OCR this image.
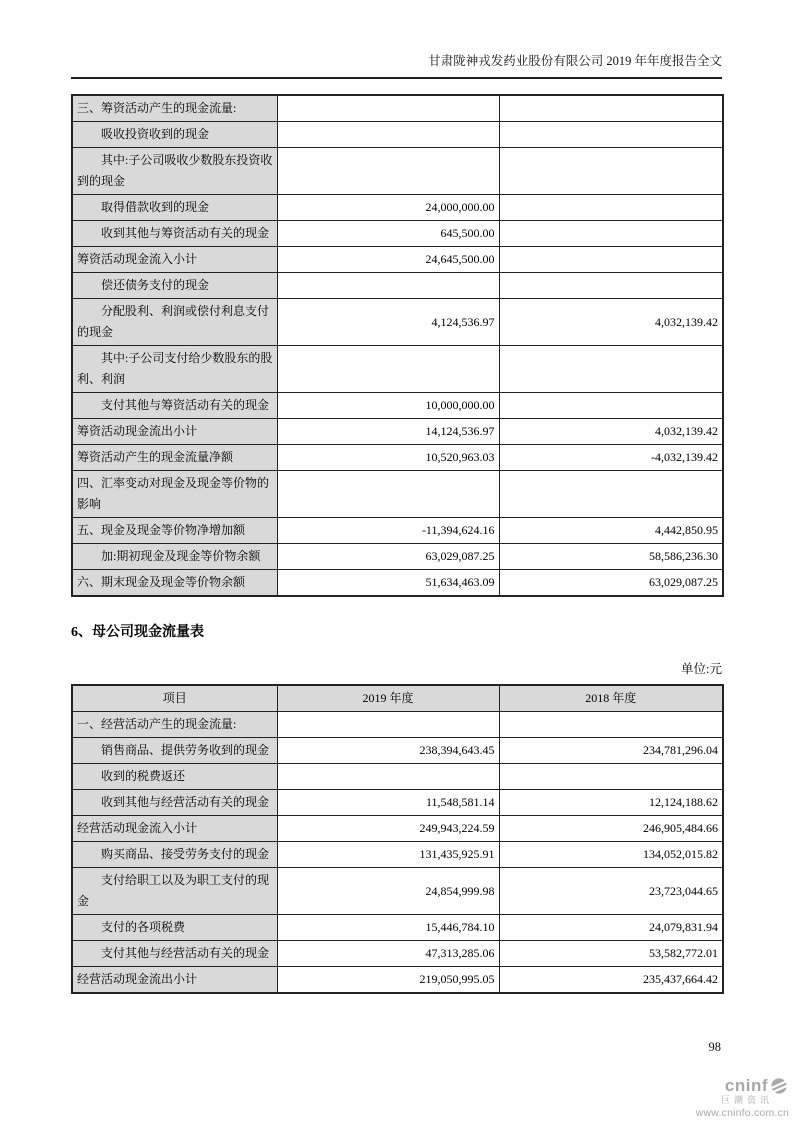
甘肃陇神戎发药业股份有限公司 2019 年年度报告全文
三、筹资活动产生的现金流量:		
吸收投资收到的现金		
其中:子公司吸收少数股东投资收到的现金		
取得借款收到的现金	24,000,000.00	
收到其他与筹资活动有关的现金	645,500.00	
筹资活动现金流入小计	24,645,500.00	
偿还债务支付的现金		
分配股利、利润或偿付利息支付的现金	4,124,536.97	4,032,139.42
其中:子公司支付给少数股东的股利、利润		
支付其他与筹资活动有关的现金	10,000,000.00	
筹资活动现金流出小计	14,124,536.97	4,032,139.42
筹资活动产生的现金流量净额	10,520,963.03	-4,032,139.42
四、汇率变动对现金及现金等价物的影响		
五、现金及现金等价物净增加额	-11,394,624.16	4,442,850.95
加:期初现金及现金等价物余额	63,029,087.25	58,586,236.30
六、期末现金及现金等价物余额	51,634,463.09	63,029,087.25
6、母公司现金流量表
单位:元
项目	2019 年度	2018 年度
一、经营活动产生的现金流量:		
销售商品、提供劳务收到的现金	238,394,643.45	234,781,296.04
收到的税费返还		
收到其他与经营活动有关的现金	11,548,581.14	12,124,188.62
经营活动现金流入小计	249,943,224.59	246,905,484.66
购买商品、接受劳务支付的现金	131,435,925.91	134,052,015.82
支付给职工以及为职工支付的现金	24,854,999.98	23,723,044.65
支付的各项税费	15,446,784.10	24,079,831.94
支付其他与经营活动有关的现金	47,313,285.06	53,582,772.01
经营活动现金流出小计	219,050,995.05	235,437,664.42
98
cninf
巨潮资讯
www.cninfo.com.cn
